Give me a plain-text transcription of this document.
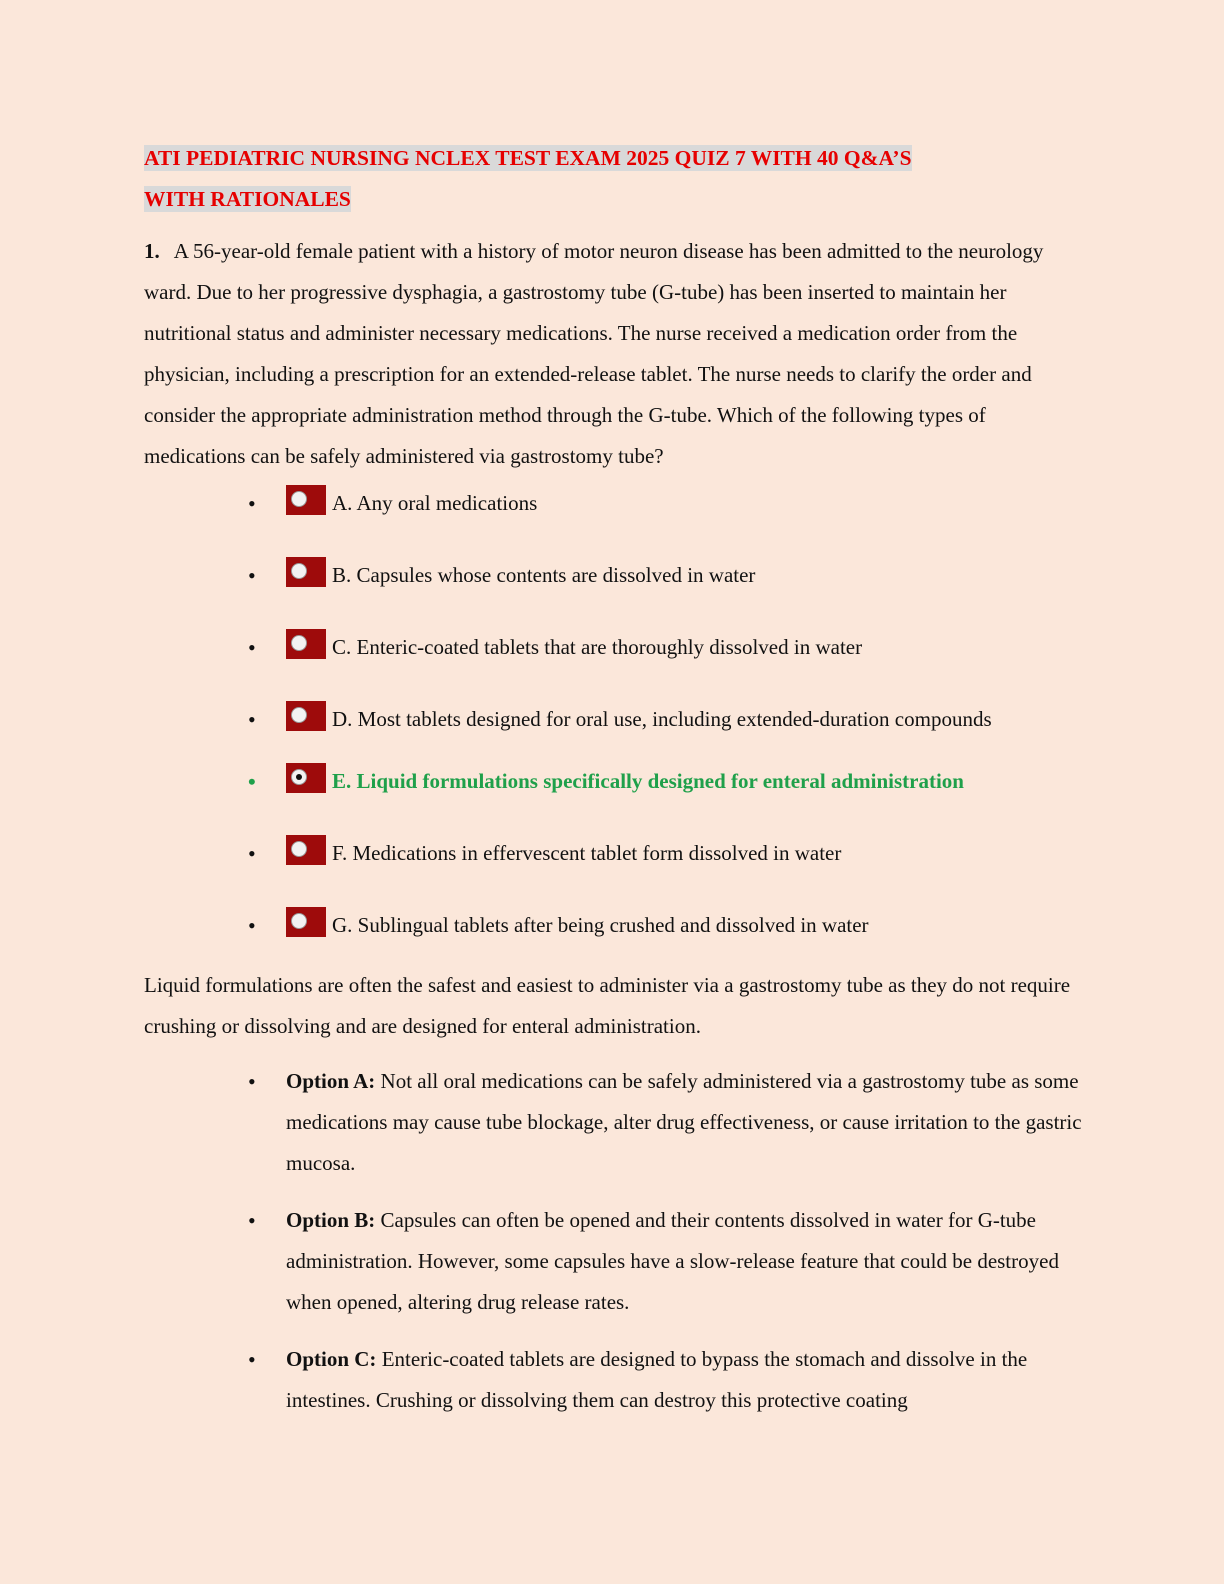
ATI PEDIATRIC NURSING NCLEX TEST EXAM 2025 QUIZ 7 WITH 40 Q&A’S
WITH RATIONALES
1. A 56-year-old female patient with a history of motor neuron disease has been admitted to the neurology ward. Due to her progressive dysphagia, a gastrostomy tube (G-tube) has been inserted to maintain her nutritional status and administer necessary medications. The nurse received a medication order from the physician, including a prescription for an extended-release tablet. The nurse needs to clarify the order and consider the appropriate administration method through the G-tube. Which of the following types of medications can be safely administered via gastrostomy tube?
•	A. Any oral medications
•	B. Capsules whose contents are dissolved in water
•	C. Enteric-coated tablets that are thoroughly dissolved in water
•	D. Most tablets designed for oral use, including extended-duration compounds
•	E. Liquid formulations specifically designed for enteral administration
•	F. Medications in effervescent tablet form dissolved in water
•	G. Sublingual tablets after being crushed and dissolved in water
Liquid formulations are often the safest and easiest to administer via a gastrostomy tube as they do not require crushing or dissolving and are designed for enteral administration.
• Option A: Not all oral medications can be safely administered via a gastrostomy tube as some medications may cause tube blockage, alter drug effectiveness, or cause irritation to the gastric mucosa.
• Option B: Capsules can often be opened and their contents dissolved in water for G-tube administration. However, some capsules have a slow-release feature that could be destroyed when opened, altering drug release rates.
• Option C: Enteric-coated tablets are designed to bypass the stomach and dissolve in the intestines. Crushing or dissolving them can destroy this protective coating
